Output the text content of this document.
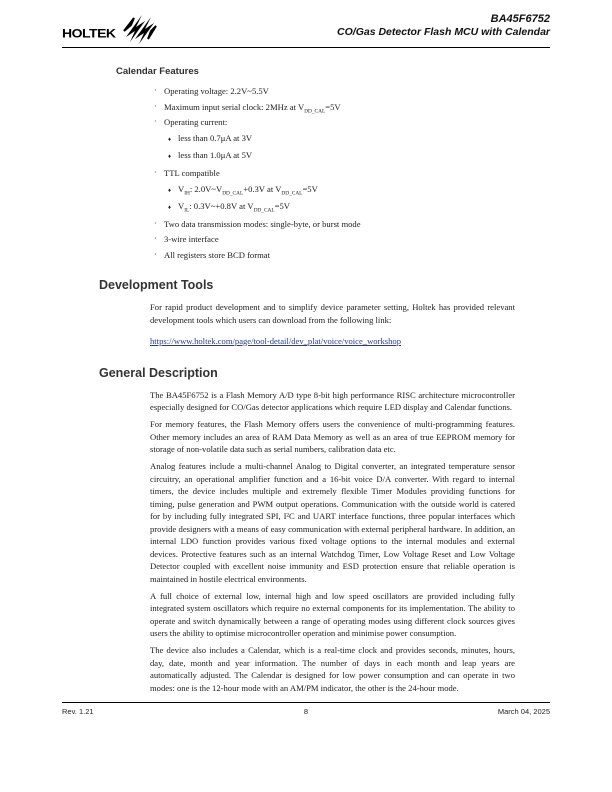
HOLTEK
BA45F6752
CO/Gas Detector Flash MCU with Calendar
Calendar Features
· Operating voltage: 2.2V~5.5V
· Maximum input serial clock: 2MHz at $V_{DD\_CAL}=5V$
· Operating current:
♦ less than 0.7μA at 3V
♦ less than 1.0μA at 5V
· TTL compatible
♦ $V_{IH}$: $2.0V\sim V_{DD\_CAL}+0.3V$ at $V_{DD\_CAL}=5V$
♦ $V_{IL}$: 0.3V~+0.8V at $V_{DD\_CAL}=5V$
· Two data transmission modes: single-byte, or burst mode
· 3-wire interface
· All registers store BCD format
Development Tools

For rapid product development and to simplify device parameter setting, Holtek has provided relevant development tools which users can download from the following link:

https://www.holtek.com/page/tool-detail/dev_plat/voice/voice_workshop
General Description

The BA45F6752 is a Flash Memory A/D type 8-bit high performance RISC architecture microcontroller especially designed for CO/Gas detector applications which require LED display and Calendar functions.

For memory features, the Flash Memory offers users the convenience of multi-programming features. Other memory includes an area of RAM Data Memory as well as an area of true EEPROM memory for storage of non-volatile data such as serial numbers, calibration data etc.

Analog features include a multi-channel Analog to Digital converter, an integrated temperature sensor circuitry, an operational amplifier function and a 16-bit voice D/A converter. With regard to internal timers, the device includes multiple and extremely flexible Timer Modules providing functions for timing, pulse generation and PWM output operations. Communication with the outside world is catered for by including fully integrated SPI, I²C and UART interface functions, three popular interfaces which provide designers with a means of easy communication with external peripheral hardware. In addition, an internal LDO function provides various fixed voltage options to the internal modules and external devices. Protective features such as an internal Watchdog Timer, Low Voltage Reset and Low Voltage Detector coupled with excellent noise immunity and ESD protection ensure that reliable operation is maintained in hostile electrical environments.

A full choice of external low, internal high and low speed oscillators are provided including fully integrated system oscillators which require no external components for its implementation. The ability to operate and switch dynamically between a range of operating modes using different clock sources gives users the ability to optimise microcontroller operation and minimise power consumption.

The device also includes a Calendar, which is a real-time clock and provides seconds, minutes, hours, day, date, month and year information. The number of days in each month and leap years are automatically adjusted. The Calendar is designed for low power consumption and can operate in two modes: one is the 12-hour mode with an AM/PM indicator, the other is the 24-hour mode.

Rev. 1.21	8	March 04, 2025
